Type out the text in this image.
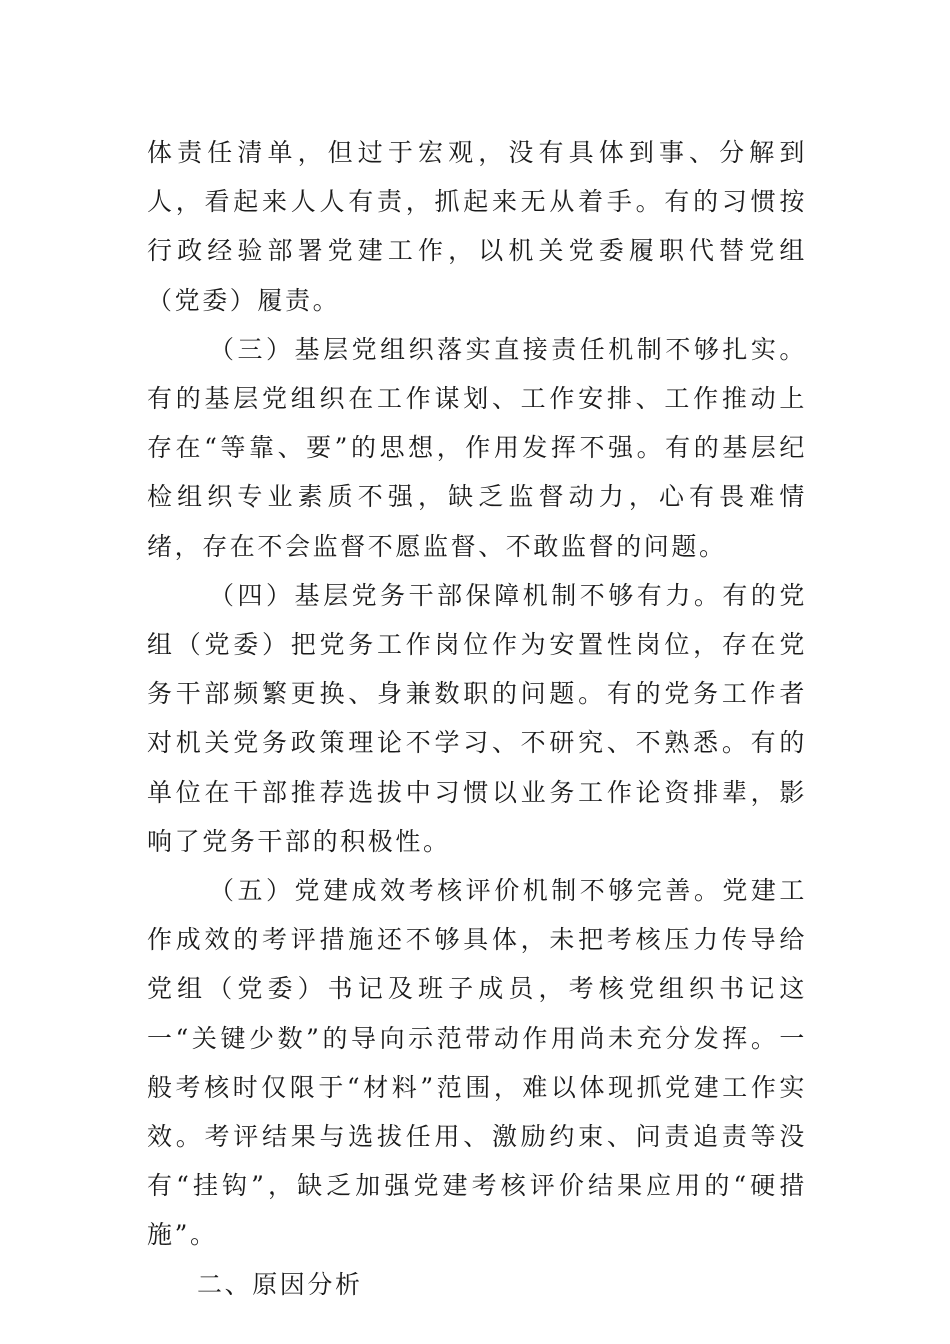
体责任清单，但过于宏观，没有具体到事、分解到人，看起来人人有责，抓起来无从着手。有的习惯按行政经验部署党建工作，以机关党委履职代替党组（党委）履责。

（三）基层党组织落实直接责任机制不够扎实。有的基层党组织在工作谋划、工作安排、工作推动上存在“等靠、要”的思想，作用发挥不强。有的基层纪检组织专业素质不强，缺乏监督动力，心有畏难情绪，存在不会监督不愿监督、不敢监督的问题。

（四）基层党务干部保障机制不够有力。有的党组（党委）把党务工作岗位作为安置性岗位，存在党务干部频繁更换、身兼数职的问题。有的党务工作者对机关党务政策理论不学习、不研究、不熟悉。有的单位在干部推荐选拔中习惯以业务工作论资排辈，影响了党务干部的积极性。

（五）党建成效考核评价机制不够完善。党建工作成效的考评措施还不够具体，未把考核压力传导给党组（党委）书记及班子成员，考核党组织书记这一“关键少数”的导向示范带动作用尚未充分发挥。一般考核时仅限于“材料”范围，难以体现抓党建工作实效。考评结果与选拔任用、激励约束、问责追责等没有“挂钩”，缺乏加强党建考核评价结果应用的“硬措施”。

二、原因分析
